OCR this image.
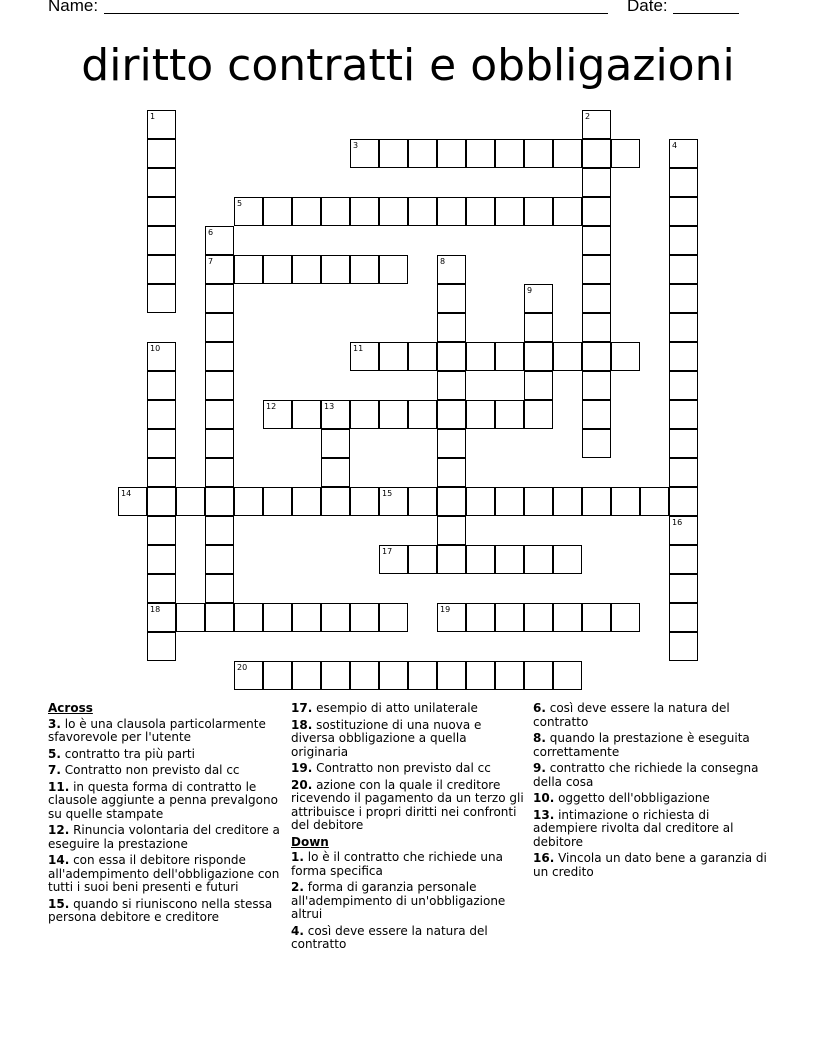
Name:	Date:
diritto contratti e obbligazioni
1	2
3	4
5
6
7	8
9
10
18
11
12	13
14	15
16
17
19
20
Across
3. lo è una clausola particolarmente sfavorevole per l'utente
5. contratto tra più parti
7. Contratto non previsto dal cc
11. in questa forma di contratto le clausole aggiunte a penna prevalgono su quelle stampate
12. Rinuncia volontaria del creditore a eseguire la prestazione
14. con essa il debitore risponde all'adempimento dell'obbligazione con tutti i suoi beni presenti e futuri
15. quando si riuniscono nella stessa persona debitore e creditore
17. esempio di atto unilaterale
18. sostituzione di una nuova e diversa obbligazione a quella originaria
19. Contratto non previsto dal cc
20. azione con la quale il creditore ricevendo il pagamento da un terzo gli attribuisce i propri diritti nei confronti del debitore
Down
1. lo è il contratto che richiede una forma specifica
2. forma di garanzia personale all'adempimento di un'obbligazione altrui
4. così deve essere la natura del contratto
6. così deve essere la natura del contratto
8. quando la prestazione è eseguita correttamente
9. contratto che richiede la consegna della cosa
10. oggetto dell'obbligazione
13. intimazione o richiesta di adempiere rivolta dal creditore al debitore
16. Vincola un dato bene a garanzia di un credito
